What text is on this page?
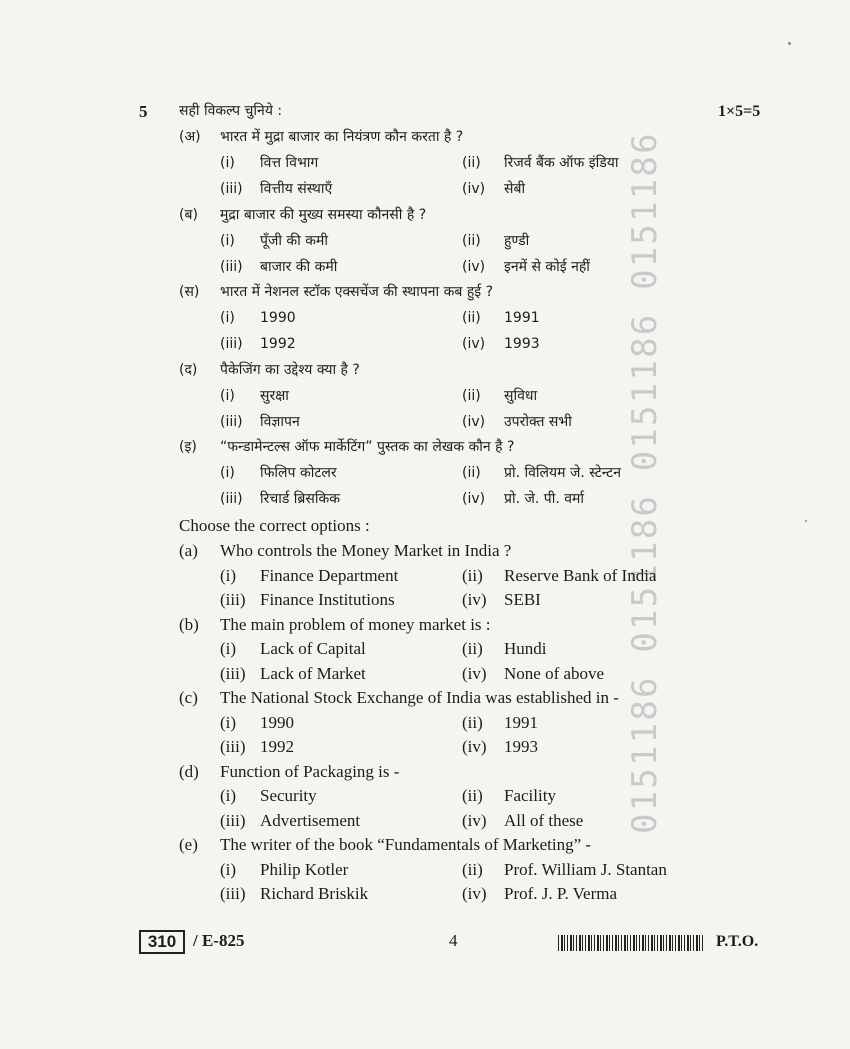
0151186 0151186 0151186 0151186
5 सही विकल्प चुनिये :	1×5=5
(अ) भारत में मुद्रा बाजार का नियंत्रण कौन करता है ?
(i) वित्त विभाग	(ii) रिजर्व बैंक ऑफ इंडिया
(iii) वित्तीय संस्थाएँ	(iv) सेबी
(ब) मुद्रा बाजार की मुख्य समस्या कौनसी है ?
(i) पूँजी की कमी	(ii) हुण्डी
(iii) बाजार की कमी	(iv) इनमें से कोई नहीं
(स) भारत में नेशनल स्टॉक एक्सचेंज की स्थापना कब हुई ?
(i) 1990	(ii) 1991
(iii) 1992	(iv) 1993
(द) पैकेजिंग का उद्देश्य क्या है ?
(i) सुरक्षा	(ii) सुविधा
(iii) विज्ञापन	(iv) उपरोक्त सभी
(इ) “फन्डामेन्टल्स ऑफ मार्केटिंग” पुस्तक का लेखक कौन है ?
(i) फिलिप कोटलर	(ii) प्रो. विलियम जे. स्टेन्टन
(iii) रिचार्ड ब्रिसकिक	(iv) प्रो. जे. पी. वर्मा
Choose the correct options :
(a) Who controls the Money Market in India ?
(i) Finance Department	(ii) Reserve Bank of India
(iii) Finance Institutions	(iv) SEBI
(b) The main problem of money market is :
(i) Lack of Capital	(ii) Hundi
(iii) Lack of Market	(iv) None of above
(c) The National Stock Exchange of India was established in -
(i) 1990	(ii) 1991
(iii) 1992	(iv) 1993
(d) Function of Packaging is -
(i) Security	(ii) Facility
(iii) Advertisement	(iv) All of these
(e) The writer of the book “Fundamentals of Marketing” -
(i) Philip Kotler	(ii) Prof. William J. Stantan
(iii) Richard Briskik	(iv) Prof. J. P. Verma
310 / E-825	4	P.T.O.
